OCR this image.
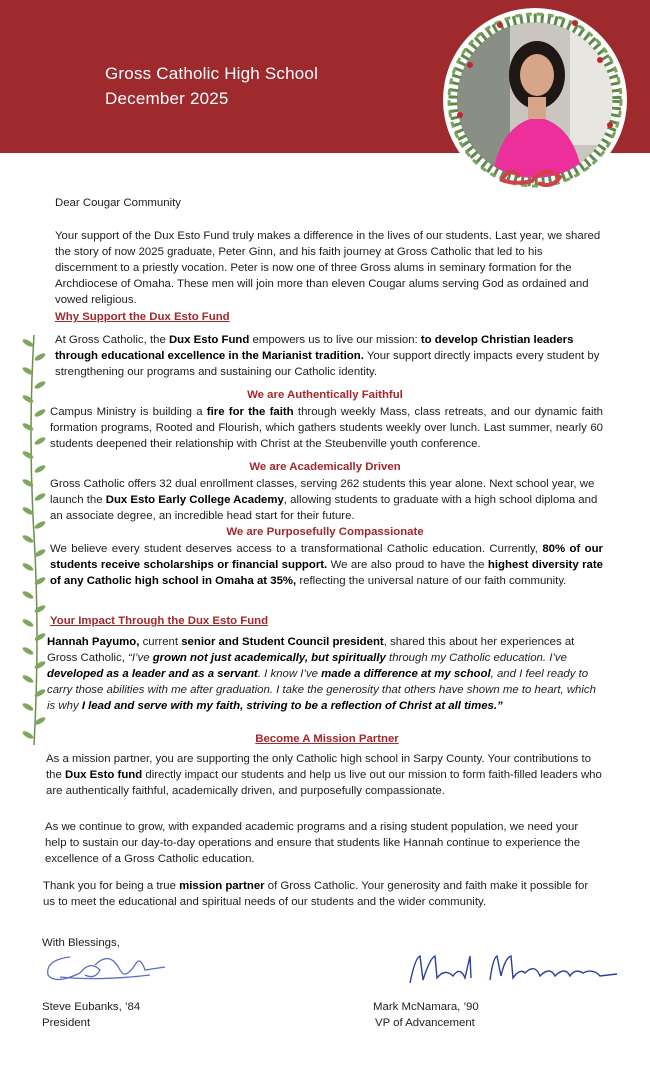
Gross Catholic High School
December 2025
Dear Cougar Community
Your support of the Dux Esto Fund truly makes a difference in the lives of our students. Last year, we shared the story of now 2025 graduate, Peter Ginn, and his faith journey at Gross Catholic that led to his discernment to a priestly vocation. Peter is now one of three Gross alums in seminary formation for the Archdiocese of Omaha. These men will join more than eleven Cougar alums serving God as ordained and vowed religious.
Why Support the Dux Esto Fund
At Gross Catholic, the Dux Esto Fund empowers us to live our mission: to develop Christian leaders through educational excellence in the Marianist tradition. Your support directly impacts every student by strengthening our programs and sustaining our Catholic identity.
We are Authentically Faithful
Campus Ministry is building a fire for the faith through weekly Mass, class retreats, and our dynamic faith formation programs, Rooted and Flourish, which gathers students weekly over lunch. Last summer, nearly 60 students deepened their relationship with Christ at the Steubenville youth conference.
We are Academically Driven
Gross Catholic offers 32 dual enrollment classes, serving 262 students this year alone. Next school year, we launch the Dux Esto Early College Academy, allowing students to graduate with a high school diploma and an associate degree, an incredible head start for their future.
We are Purposefully Compassionate
We believe every student deserves access to a transformational Catholic education. Currently, 80% of our students receive scholarships or financial support. We are also proud to have the highest diversity rate of any Catholic high school in Omaha at 35%, reflecting the universal nature of our faith community.
Your Impact Through the Dux Esto Fund
Hannah Payumo, current senior and Student Council president, shared this about her experiences at Gross Catholic, “I’ve grown not just academically, but spiritually through my Catholic education. I’ve developed as a leader and as a servant. I know I’ve made a difference at my school, and I feel ready to carry those abilities with me after graduation. I take the generosity that others have shown me to heart, which is why I lead and serve with my faith, striving to be a reflection of Christ at all times.”
Become A Mission Partner
As a mission partner, you are supporting the only Catholic high school in Sarpy County. Your contributions to the Dux Esto fund directly impact our students and help us live out our mission to form faith-filled leaders who are authentically faithful, academically driven, and purposefully compassionate.
As we continue to grow, with expanded academic programs and a rising student population, we need your help to sustain our day-to-day operations and ensure that students like Hannah continue to experience the excellence of a Gross Catholic education.
Thank you for being a true mission partner of Gross Catholic. Your generosity and faith make it possible for us to meet the educational and spiritual needs of our students and the wider community.
With Blessings,
Steve Eubanks, ’84
President
Mark McNamara, ’90
VP of Advancement
